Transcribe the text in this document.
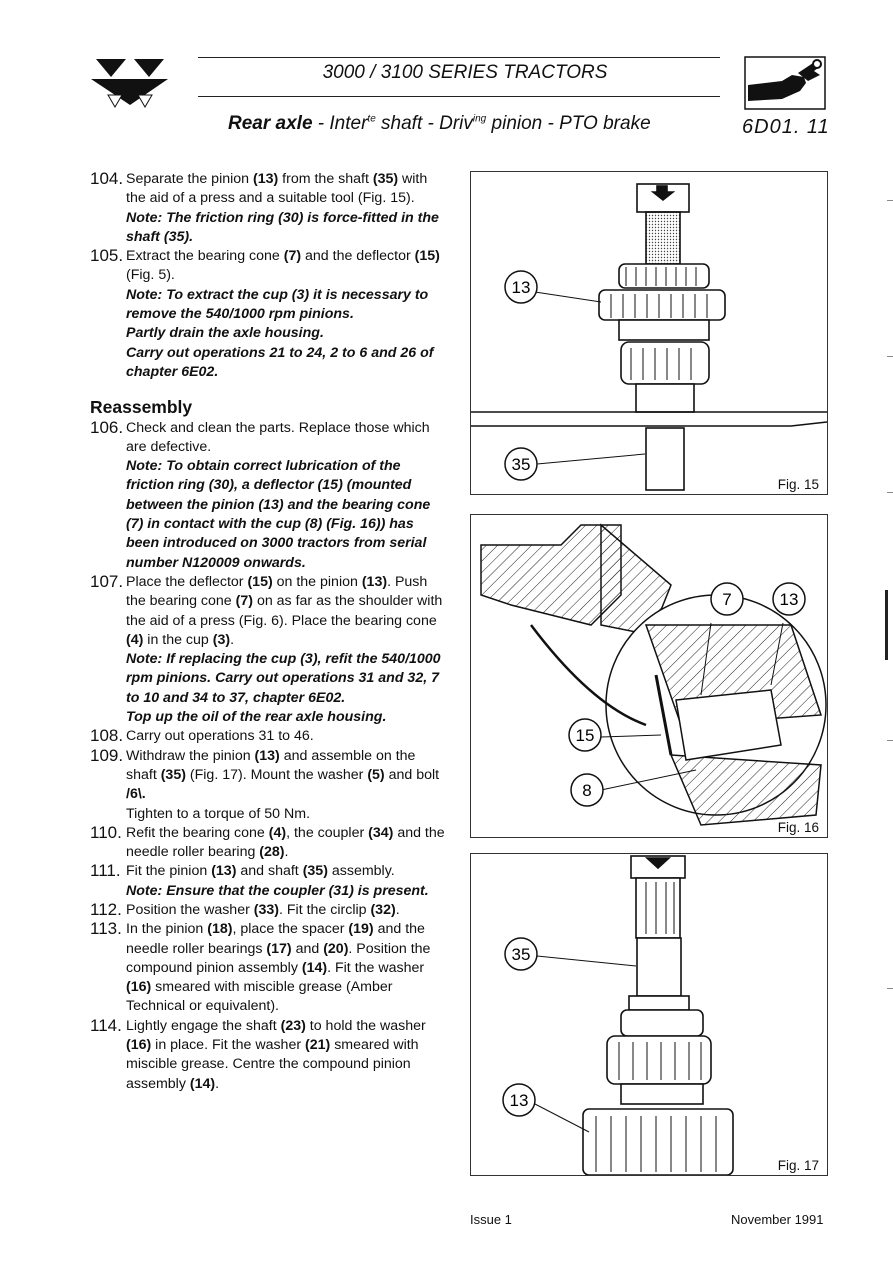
3000 / 3100 SERIES TRACTORS
Rear axle - Inter$^{te}$ shaft - Driv$^{ing}$ pinion - PTO brake	6D01. 11
104. Separate the pinion (13) from the shaft (35) with the aid of a press and a suitable tool (Fig. 15).
Note: The friction ring (30) is force-fitted in the shaft (35).
105. Extract the bearing cone (7) and the deflector (15) (Fig. 5).
Note: To extract the cup (3) it is necessary to remove the 540/1000 rpm pinions.
Partly drain the axle housing.
Carry out operations 21 to 24, 2 to 6 and 26 of chapter 6E02.
Reassembly
106. Check and clean the parts. Replace those which are defective.
Note: To obtain correct lubrication of the friction ring (30), a deflector (15) (mounted between the pinion (13) and the bearing cone (7) in contact with the cup (8) (Fig. 16)) has been introduced on 3000 tractors from serial number N120009 onwards.
107. Place the deflector (15) on the pinion (13). Push the bearing cone (7) on as far as the shoulder with the aid of a press (Fig. 6). Place the bearing cone (4) in the cup (3).
Note: If replacing the cup (3), refit the 540/1000 rpm pinions. Carry out operations 31 and 32, 7 to 10 and 34 to 37, chapter 6E02.
Top up the oil of the rear axle housing.
108. Carry out operations 31 to 46.
109. Withdraw the pinion (13) and assemble on the shaft (35) (Fig. 17). Mount the washer (5) and bolt /6\.
Tighten to a torque of 50 Nm.
110. Refit the bearing cone (4), the coupler (34) and the needle roller bearing (28).
111. Fit the pinion (13) and shaft (35) assembly.
Note: Ensure that the coupler (31) is present.
112. Position the washer (33). Fit the circlip (32).
113. In the pinion (18), place the spacer (19) and the needle roller bearings (17) and (20). Position the compound pinion assembly (14). Fit the washer (16) smeared with miscible grease (Amber Technical or equivalent).
114. Lightly engage the shaft (23) to hold the washer (16) in place. Fit the washer (21) smeared with miscible grease. Centre the compound pinion assembly (14).
13
35
Fig. 15
7	13
15
8
Fig. 16
35
13
Fig. 17
Issue 1	November 1991
